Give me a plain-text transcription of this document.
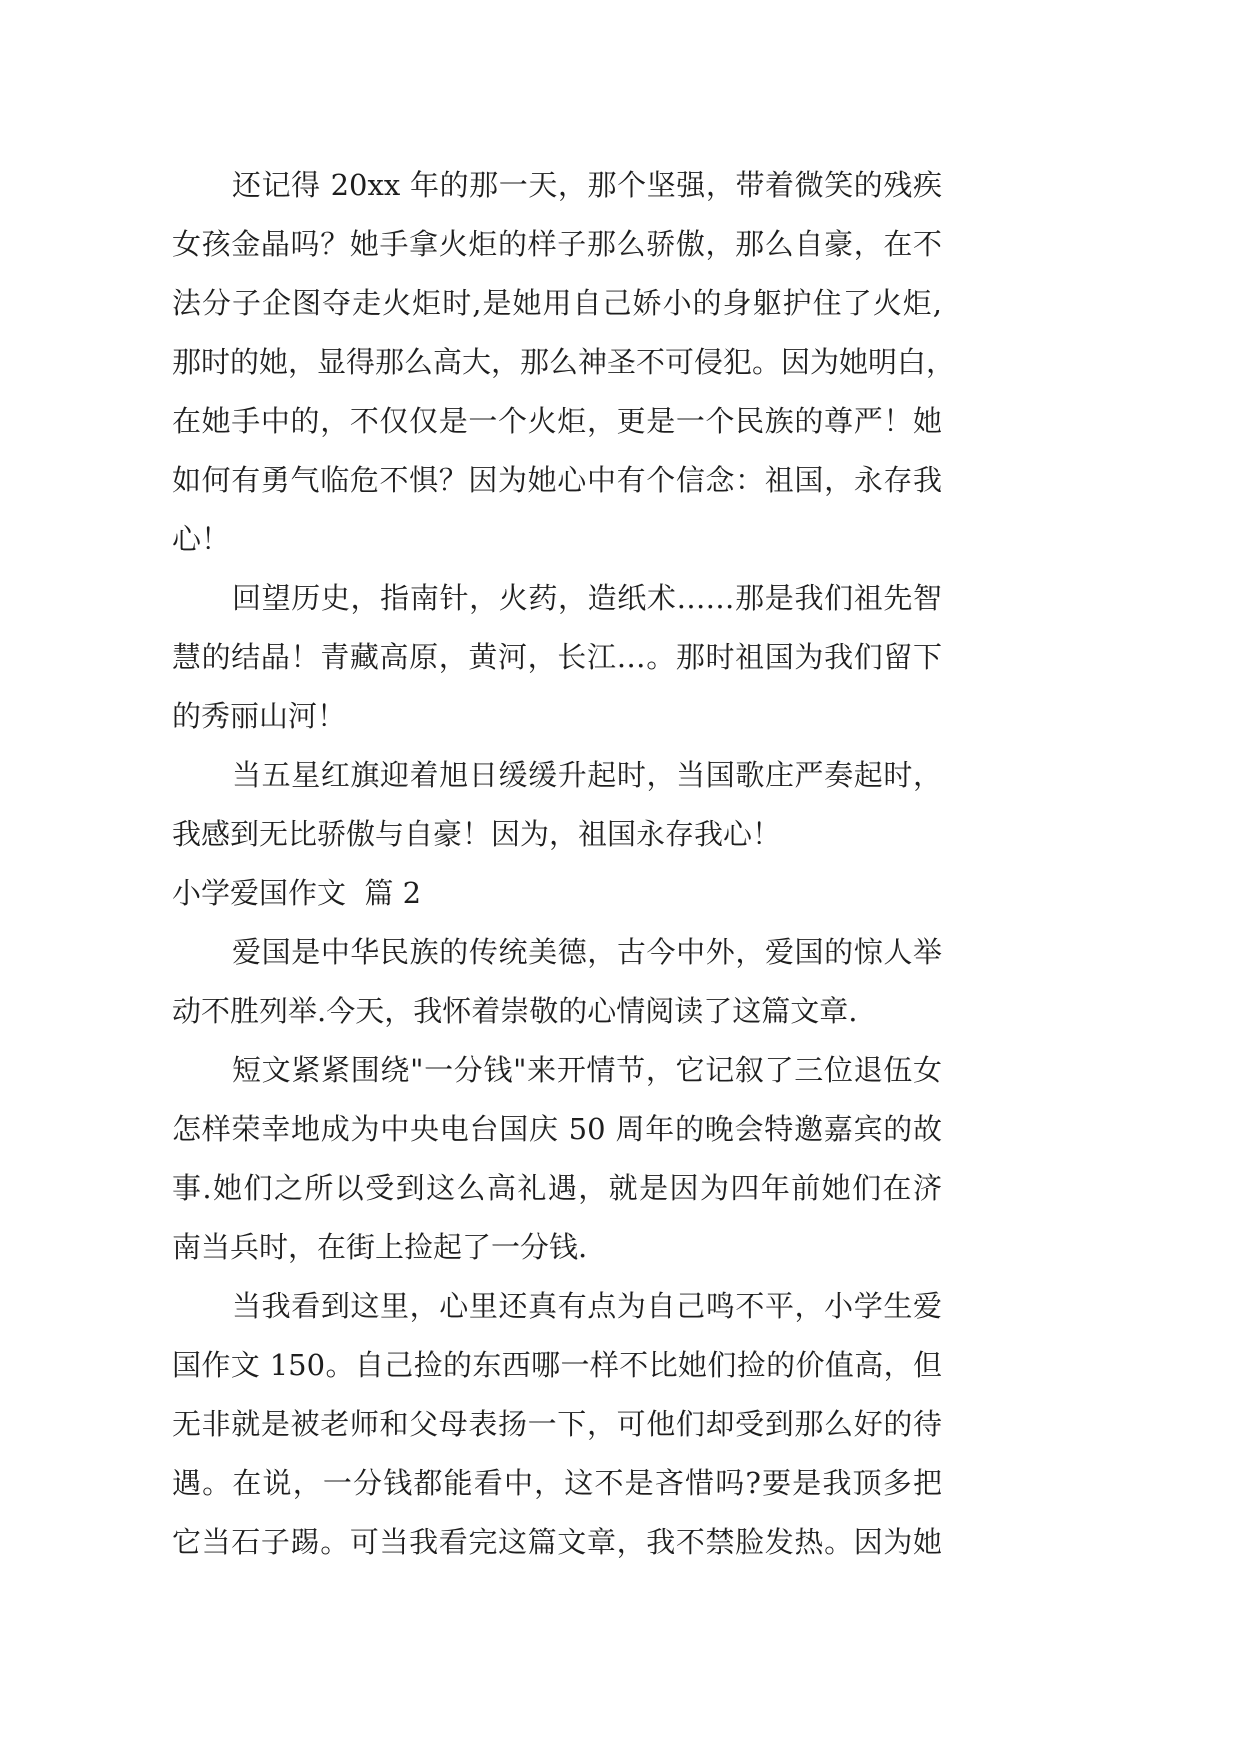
还记得 20xx 年的那一天，那个坚强，带着微笑的残疾
女孩金晶吗？她手拿火炬的样子那么骄傲，那么自豪，在不
法分子企图夺走火炬时,是她用自己娇小的身躯护住了火炬,
那时的她，显得那么高大，那么神圣不可侵犯。因为她明白，
在她手中的，不仅仅是一个火炬，更是一个民族的尊严！她
如何有勇气临危不惧？因为她心中有个信念：祖国，永存我
心！
回望历史，指南针，火药，造纸术……那是我们祖先智
慧的结晶！青藏高原，黄河，长江…。那时祖国为我们留下
的秀丽山河！
当五星红旗迎着旭日缓缓升起时，当国歌庄严奏起时，
我感到无比骄傲与自豪！因为，祖国永存我心！
小学爱国作文  篇 2
爱国是中华民族的传统美德，古今中外，爱国的惊人举
动不胜列举.今天，我怀着崇敬的心情阅读了这篇文章.
短文紧紧围绕"一分钱"来开情节，它记叙了三位退伍女
怎样荣幸地成为中央电台国庆 50 周年的晚会特邀嘉宾的故
事.她们之所以受到这么高礼遇，就是因为四年前她们在济
南当兵时，在街上捡起了一分钱.
当我看到这里，心里还真有点为自己鸣不平，小学生爱
国作文 150。自己捡的东西哪一样不比她们捡的价值高，但
无非就是被老师和父母表扬一下，可他们却受到那么好的待
遇。在说，一分钱都能看中，这不是吝惜吗?要是我顶多把
它当石子踢。可当我看完这篇文章，我不禁脸发热。因为她
